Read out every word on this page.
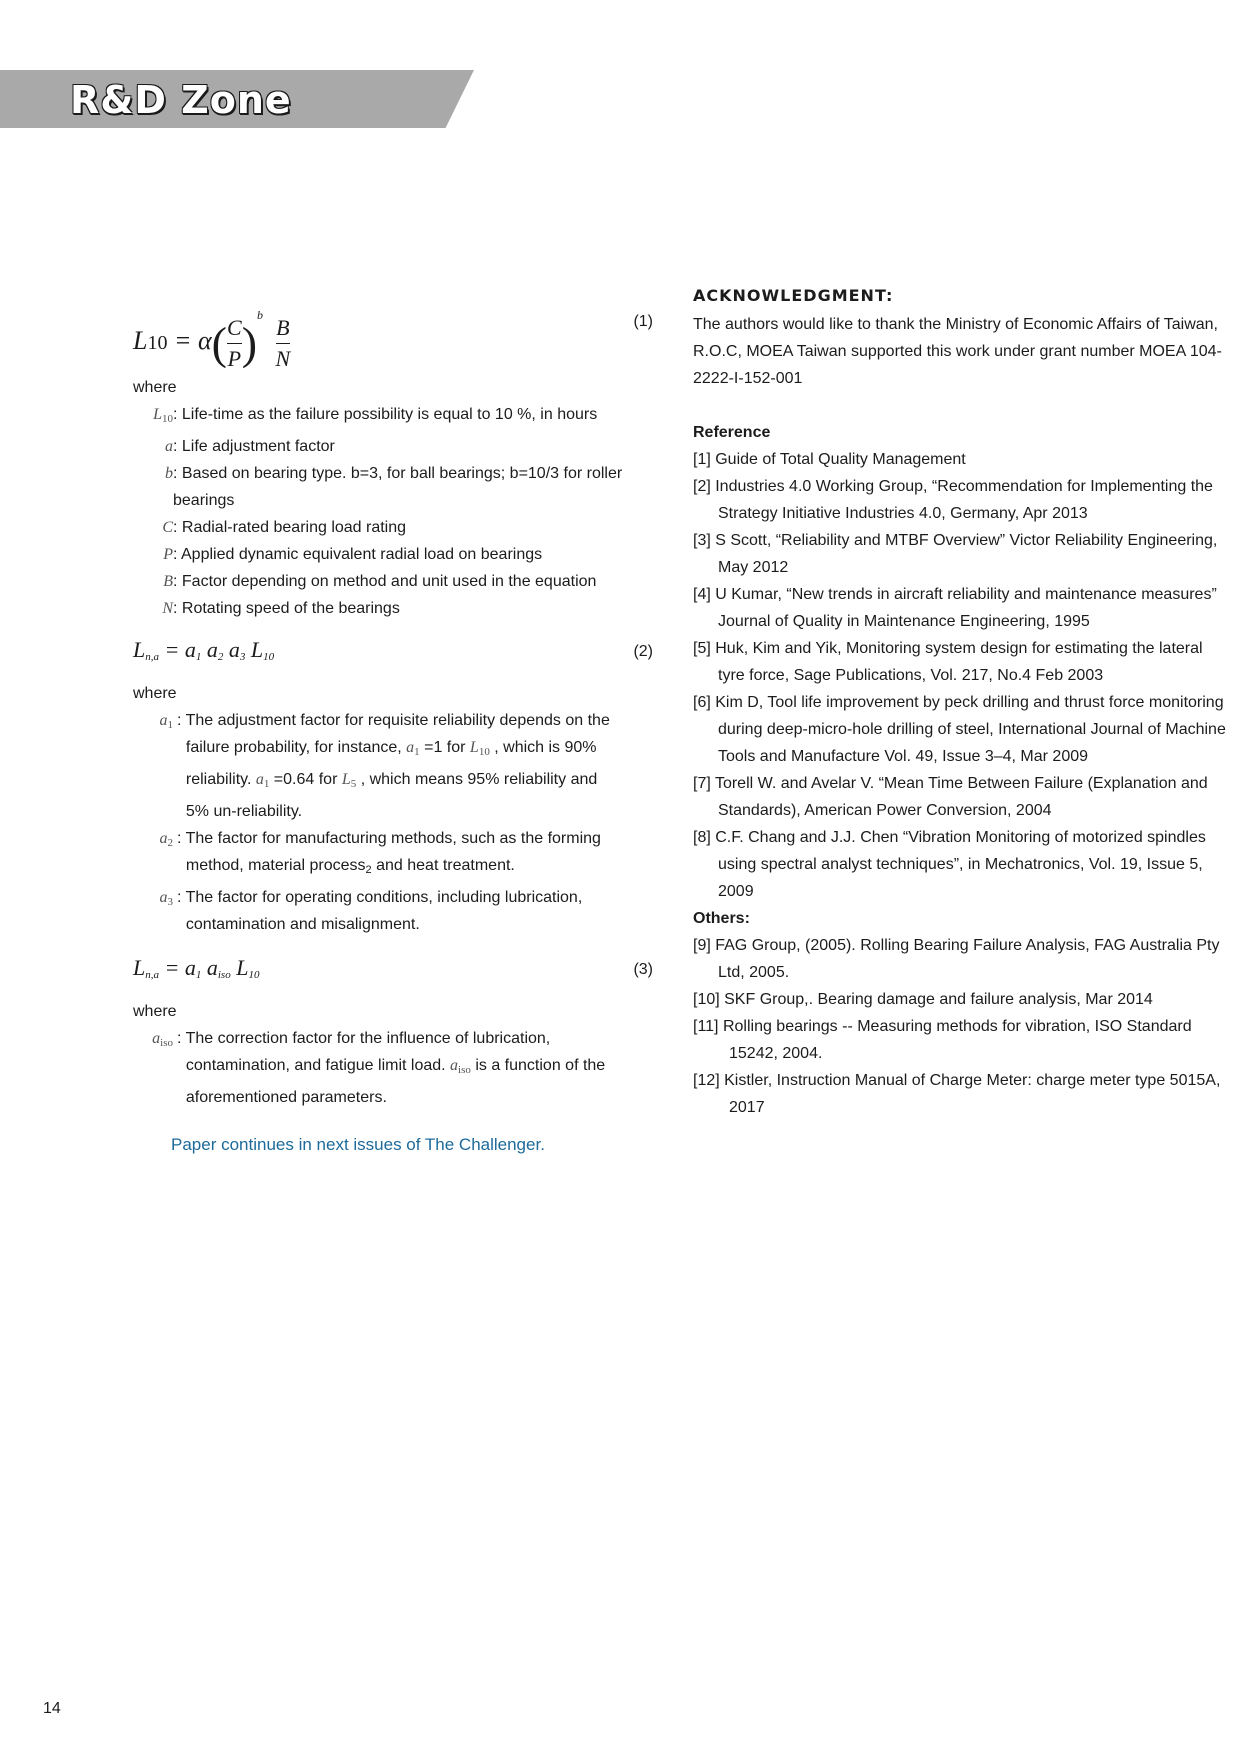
R&D Zone
$L10 = \alpha( \frac{C}{P} )^b \frac{B}{N}$	(1)

where

$L_{10}$ : Life-time as the failure possibility is equal to 10 %, in hours
a : Life adjustment factor
b : Based on bearing type. b=3, for ball bearings; b=10/3 for roller bearings
C : Radial-rated bearing load rating
P : Applied dynamic equivalent radial load on bearings
B : Factor depending on method and unit used in the equation
N : Rotating speed of the bearings
$L_{n,a} = a_1$ $a_2$ $a_3$ $L_{10}$	(2)

where

$a_1$ : The adjustment factor for requisite reliability depends on the
failure probability, for instance, $a_1 =1$ for $L_{10}$ , which is 90%
reliability. $a_1 =0.64$ for $L_5$ , which means 95% reliability and
5% un-reliability.
$a_2$ : The factor for manufacturing methods, such as the forming
method, material process$_2$ and heat treatment.
$a_3$ : The factor for operating conditions, including lubrication,
contamination and misalignment.
$L_{n,a} = a_1$ $a_{iso}$ $L_{10}$	(3)

where

$a_{iso}$ : The correction factor for the influence of lubrication,
contamination, and fatigue limit load. $a_{iso}$ is a function of the
aforementioned parameters.

Paper continues in next issues of The Challenger.

ACKNOWLEDGMENT:
The authors would like to thank the Ministry of Economic Affairs of Taiwan, R.O.C, MOEA Taiwan supported this work under grant number MOEA 104-2222-I-152-001
Reference
[1] Guide of Total Quality Management
[2] Industries 4.0 Working Group, “Recommendation for Implementing the Strategy Initiative Industries 4.0, Germany, Apr 2013
[3] S Scott, “Reliability and MTBF Overview” Victor Reliability Engineering, May 2012
[4] U Kumar, “New trends in aircraft reliability and maintenance measures” Journal of Quality in Maintenance Engineering, 1995
[5] Huk, Kim and Yik, Monitoring system design for estimating the lateral tyre force, Sage Publications, Vol. 217, No.4 Feb 2003
[6] Kim D, Tool life improvement by peck drilling and thrust force monitoring during deep-micro-hole drilling of steel, International Journal of Machine Tools and Manufacture Vol. 49, Issue 3–4, Mar 2009
[7] Torell W. and Avelar V. “Mean Time Between Failure (Explanation and Standards), American Power Conversion, 2004
[8] C.F. Chang and J.J. Chen “Vibration Monitoring of motorized spindles using spectral analyst techniques”, in Mechatronics, Vol. 19, Issue 5, 2009
Others:
[9] FAG Group, (2005). Rolling Bearing Failure Analysis, FAG Australia Pty Ltd, 2005.
[10] SKF Group,. Bearing damage and failure analysis, Mar 2014
[11] Rolling bearings -- Measuring methods for vibration, ISO Standard 15242, 2004.
[12] Kistler, Instruction Manual of Charge Meter: charge meter type 5015A, 2017
14
